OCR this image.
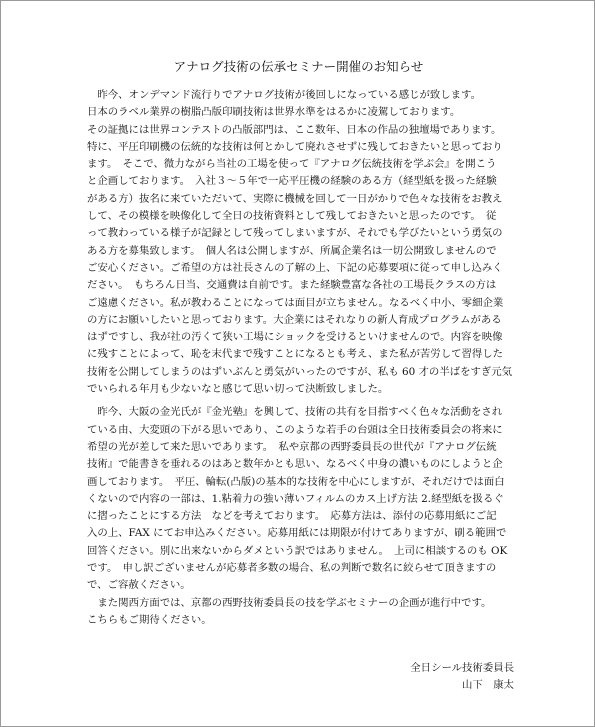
アナログ技術の伝承セミナー開催のお知らせ
　昨今、オンデマンド流行りでアナログ技術が後回しになっている感じが致します。
日本のラベル業界の樹脂凸版印刷技術は世界水準をはるかに凌駕しております。
その証拠には世界コンテストの凸版部門は、ここ数年、日本の作品の独壇場であります。
特に、平圧印刷機の伝統的な技術は何とかして廃れさせずに残しておきたいと思っており
ます。　そこで、微力ながら当社の工場を使って『アナログ伝統技術を学ぶ会』を開こう
と企画しております。　入社３～５年で一応平圧機の経験のある方（経型紙を扱った経験
がある方）抜名に来ていただいて、実際に機械を回して一日がかりで色々な技術をお教え
して、その模様を映像化して全日の技術資料として残しておきたいと思ったのです。　従
って教わっている様子が記録として残ってしまいますが、それでも学びたいという勇気の
ある方を募集致します。　個人名は公開しますが、所属企業名は一切公開致しませんので
ご安心ください。ご希望の方は社長さんの了解の上、下記の応募要項に従って申し込みく
ださい。　もちろん日当、交通費は自前です。また経験豊富な各社の工場長クラスの方は
ご遠慮ください。私が教わることになっては面目が立ちません。なるべく中小、零細企業
の方にお願いしたいと思っております。大企業にはそれなりの新人育成プログラムがある
はずですし、我が社の汚くて狭い工場にショックを受けるといけませんので。内容を映像
に残すことによって、恥を末代まで残すことになるとも考え、また私が苦労して習得した
技術を公開してしまうのはずいぶんと勇気がいったのですが、私も 60 才の半ばをすぎ元気
でいられる年月も少ないなと感じて思い切って決断致しました。
　昨今、大阪の金光氏が『金光塾』を興して、技術の共有を目指すべく色々な活動をされ
ている由、大変頭の下がる思いであり、このような若手の台頭は全日技術委員会の将来に
希望の光が差して来た思いであります。　私や京都の西野委員長の世代が『アナログ伝統
技術』で能書きを垂れるのはあと数年かとも思い、なるべく中身の濃いものにしようと企
画しております。　平圧、輪転(凸版)の基本的な技術を中心にしますが、それだけでは面白
くないので内容の一部は、1.粘着力の強い薄いフィルムのカス上げ方法 2.経型紙を扱るぐ
に摺ったことにする方法　などを考えております。　応募方法は、添付の応募用紙にご記
入の上、FAX にてお申込みください。応募用紙には期限が付けてありますが、刷る範囲で
回答ください。別に出来ないからダメという訳ではありません。　上司に相談するのも OK
です。　申し訳ございませんが応募者多数の場合、私の判断で数名に絞らせて頂きますの
で、ご容赦ください。
　また関西方面では、京都の西野技術委員長の技を学ぶセミナーの企画が進行中です。
こちらもご期待ください。
全日シール技術委員長
山下　康太
